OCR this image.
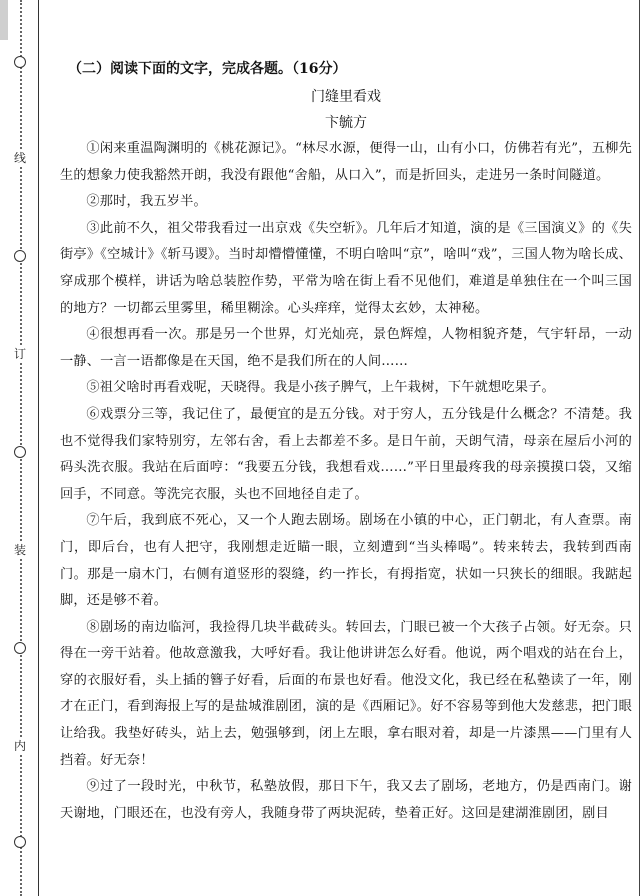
线
订
装
内

（二）阅读下面的文字，完成各题。（16分）

门缝里看戏

卞毓方

①闲来重温陶渊明的《桃花源记》。“林尽水源，便得一山，山有小口，仿佛若有光”，五柳先生的想象力使我豁然开朗，我没有跟他“舍船，从口入”，而是折回头，走进另一条时间隧道。

②那时，我五岁半。

③此前不久，祖父带我看过一出京戏《失空斩》。几年后才知道，演的是《三国演义》的《失街亭》《空城计》《斩马谡》。当时却懵懵懂懂，不明白啥叫“京”，啥叫“戏”，三国人物为啥长成、穿成那个模样，讲话为啥总装腔作势，平常为啥在街上看不见他们，难道是单独住在一个叫三国的地方？一切都云里雾里，稀里糊涂。心头痒痒，觉得太玄妙，太神秘。

④很想再看一次。那是另一个世界，灯光灿亮，景色辉煌，人物相貌齐楚，气宇轩昂，一动一静、一言一语都像是在天国，绝不是我们所在的人间……

⑤祖父啥时再看戏呢，天晓得。我是小孩子脾气，上午栽树，下午就想吃果子。

⑥戏票分三等，我记住了，最便宜的是五分钱。对于穷人，五分钱是什么概念？不清楚。我也不觉得我们家特别穷，左邻右舍，看上去都差不多。是日午前，天朗气清，母亲在屋后小河的码头洗衣服。我站在后面哼：“我要五分钱，我想看戏……”平日里最疼我的母亲摸摸口袋，又缩回手，不同意。等洗完衣服，头也不回地径自走了。

⑦午后，我到底不死心，又一个人跑去剧场。剧场在小镇的中心，正门朝北，有人查票。南门，即后台，也有人把守，我刚想走近瞄一眼，立刻遭到“当头棒喝”。转来转去，我转到西南门。那是一扇木门，右侧有道竖形的裂缝，约一拃长，有拇指宽，状如一只狭长的细眼。我踮起脚，还是够不着。

⑧剧场的南边临河，我捡得几块半截砖头。转回去，门眼已被一个大孩子占领。好无奈。只得在一旁干站着。他故意激我，大呼好看。我让他讲讲怎么好看。他说，两个唱戏的站在台上，穿的衣服好看，头上插的簪子好看，后面的布景也好看。他没文化，我已经在私塾读了一年，刚才在正门，看到海报上写的是盐城淮剧团，演的是《西厢记》。好不容易等到他大发慈悲，把门眼让给我。我垫好砖头，站上去，勉强够到，闭上左眼，拿右眼对着，却是一片漆黑——门里有人挡着。好无奈！

⑨过了一段时光，中秋节，私塾放假，那日下午，我又去了剧场，老地方，仍是西南门。谢天谢地，门眼还在，也没有旁人，我随身带了两块泥砖，垫着正好。这回是建湖淮剧团，剧目
